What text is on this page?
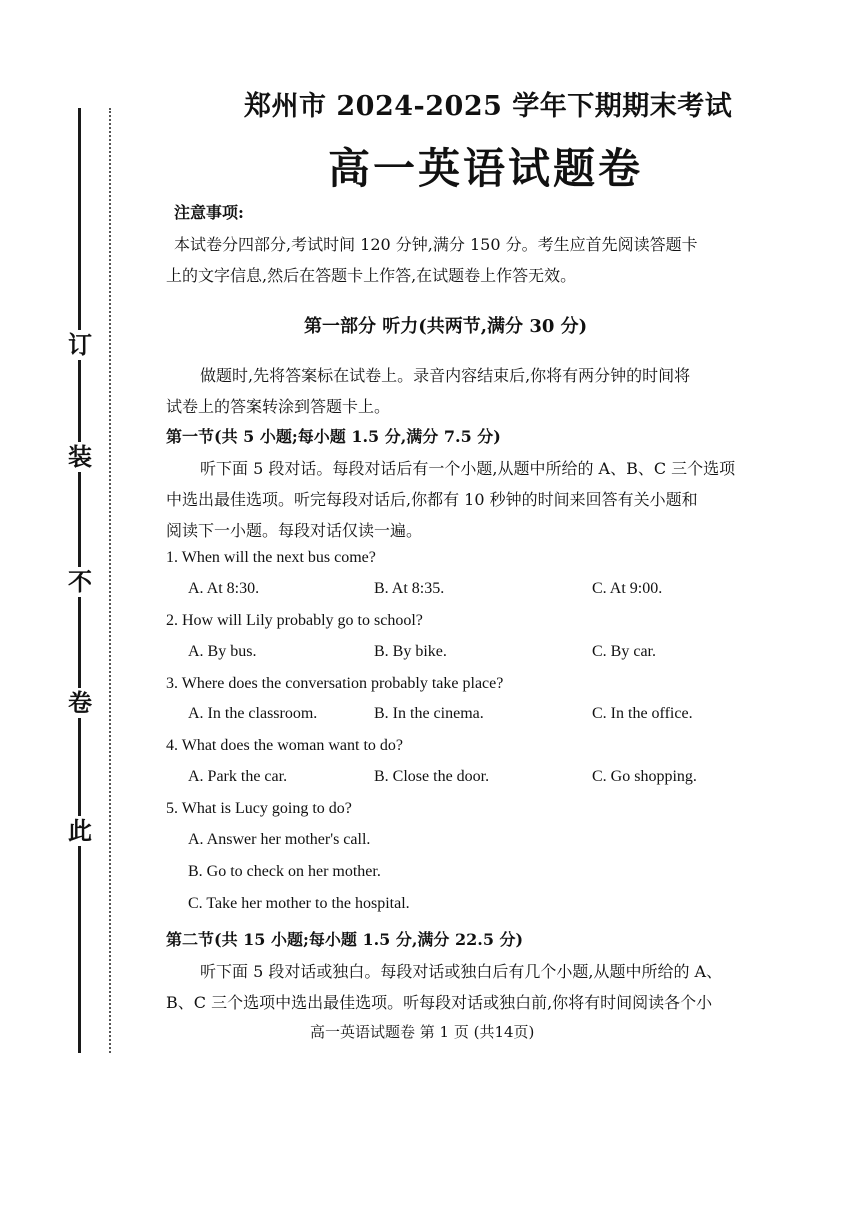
订
装
不
卷
此
郑州市 2024-2025 学年下期期末考试
高一英语试题卷
注意事项:
本试卷分四部分,考试时间 120 分钟,满分 150 分。考生应首先阅读答题卡
上的文字信息,然后在答题卡上作答,在试题卷上作答无效。
第一部分 听力(共两节,满分 30 分)
做题时,先将答案标在试卷上。录音内容结束后,你将有两分钟的时间将
试卷上的答案转涂到答题卡上。
第一节(共 5 小题;每小题 1.5 分,满分 7.5 分)
听下面 5 段对话。每段对话后有一个小题,从题中所给的 A、B、C 三个选项
中选出最佳选项。听完每段对话后,你都有 10 秒钟的时间来回答有关小题和
阅读下一小题。每段对话仅读一遍。
1. When will the next bus come?
A. At 8:30.	B. At 8:35.	C. At 9:00.
2. How will Lily probably go to school?
A. By bus.	B. By bike.	C. By car.
3. Where does the conversation probably take place?
A. In the classroom.	B. In the cinema.	C. In the office.
4. What does the woman want to do?
A. Park the car.	B. Close the door.	C. Go shopping.
5. What is Lucy going to do?
A. Answer her mother's call.
B. Go to check on her mother.
C. Take her mother to the hospital.
第二节(共 15 小题;每小题 1.5 分,满分 22.5 分)
听下面 5 段对话或独白。每段对话或独白后有几个小题,从题中所给的 A、
B、C 三个选项中选出最佳选项。听每段对话或独白前,你将有时间阅读各个小
高一英语试题卷 第 1 页 (共14页)
